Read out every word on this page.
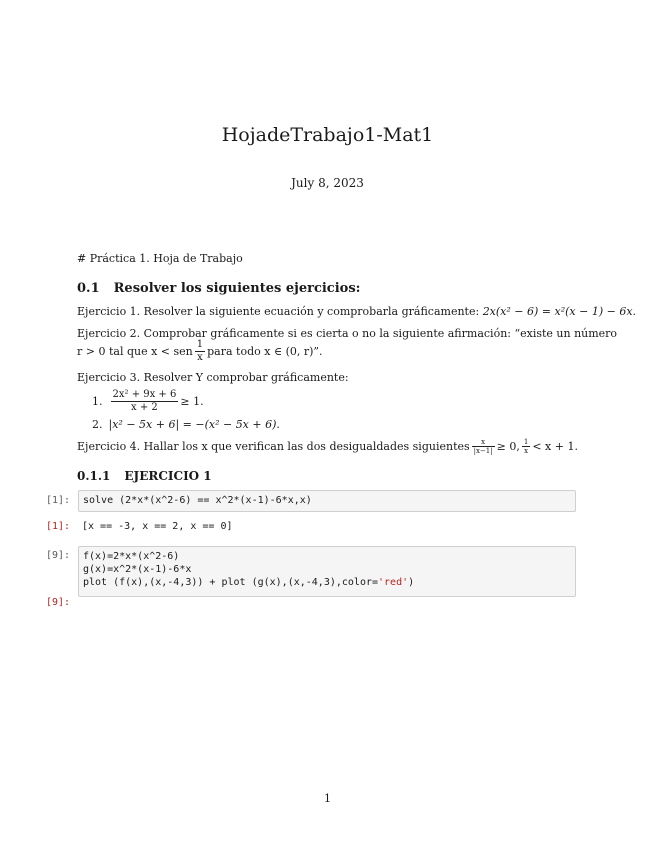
HojadeTrabajo1-Mat1
July 8, 2023
# Práctica 1. Hoja de Trabajo
0.1 Resolver los siguientes ejercicios:
Ejercicio 1. Resolver la siguiente ecuación y comprobarla gráficamente: 2x(x² − 6) = x²(x − 1) − 6x.
Ejercicio 2. Comprobar gráficamente si es cierta o no la siguiente afirmación: “existe un número
r > 0 tal que x < sen $\frac{1}{x}$ para todo x ∈ (0, r)”.
Ejercicio 3. Resolver Y comprobar gráficamente:
1. $\frac{\text{2x² + 9x + 6}}{x + 2} \ge 1$.
2. |x² − 5x + 6| = −(x² − 5x + 6).
Ejercicio 4. Hallar los x que verifican las dos desigualdades siguientes $\frac{x}{|x-1|} \ge 0$, $\frac{1}{x} < x + 1$.
0.1.1 EJERCICIO 1
[1]:	solve (2*x*(x^2-6) == x^2*(x-1)-6*x,x)
[1]:	[x == -3, x == 2, x == 0]
[9]:	f(x)=2*x*(x^2-6)
g(x)=x^2*(x-1)-6*x
plot (f(x),(x,-4,3)) + plot (g(x),(x,-4,3),color='red')
[9]:
1
